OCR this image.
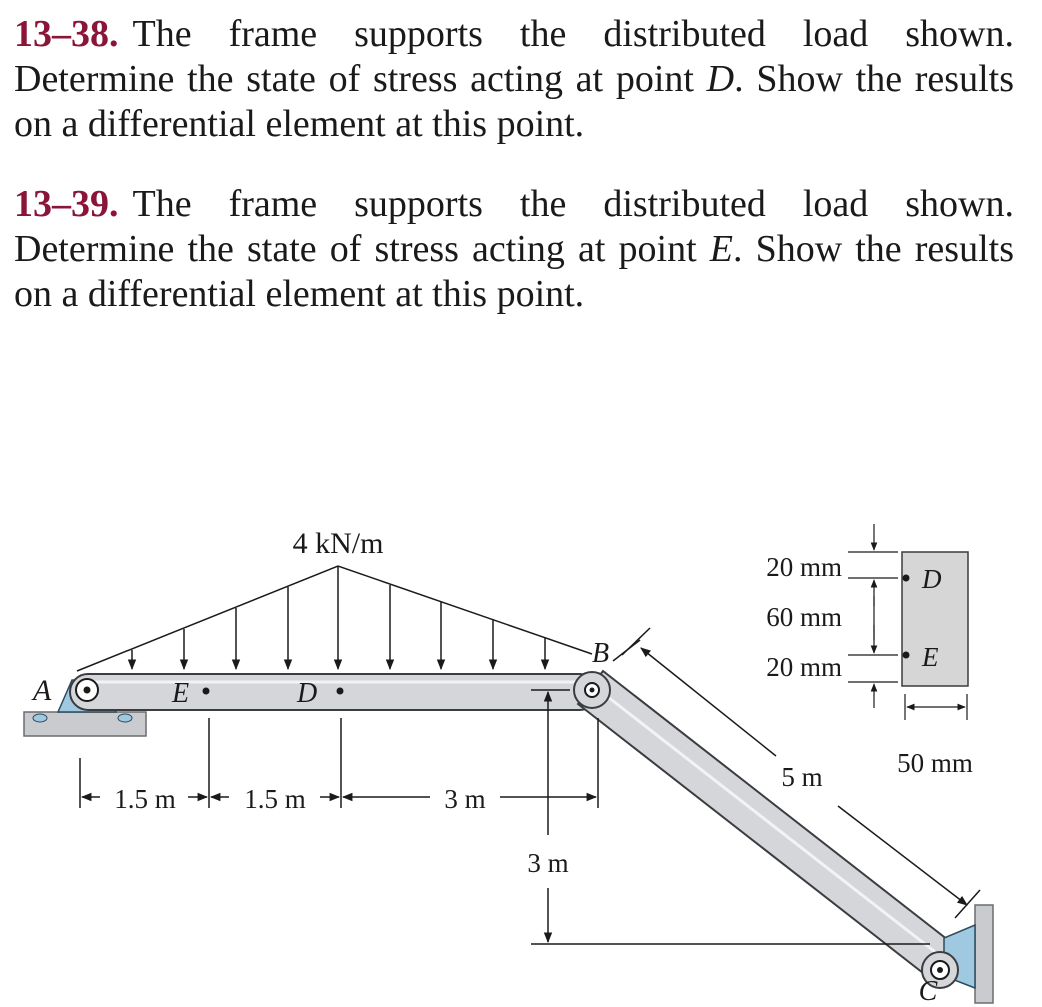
13–38. The frame supports the distributed load shown. Determine the state of stress acting at point D. Show the results on a differential element at this point.
13–39. The frame supports the distributed load shown. Determine the state of stress acting at point E. Show the results on a differential element at this point.
4 kN/m
A
B
C
E	D
1.5 m	1.5 m	3 m
3 m
5 m
D
E
20 mm
60 mm
20 mm
50 mm
